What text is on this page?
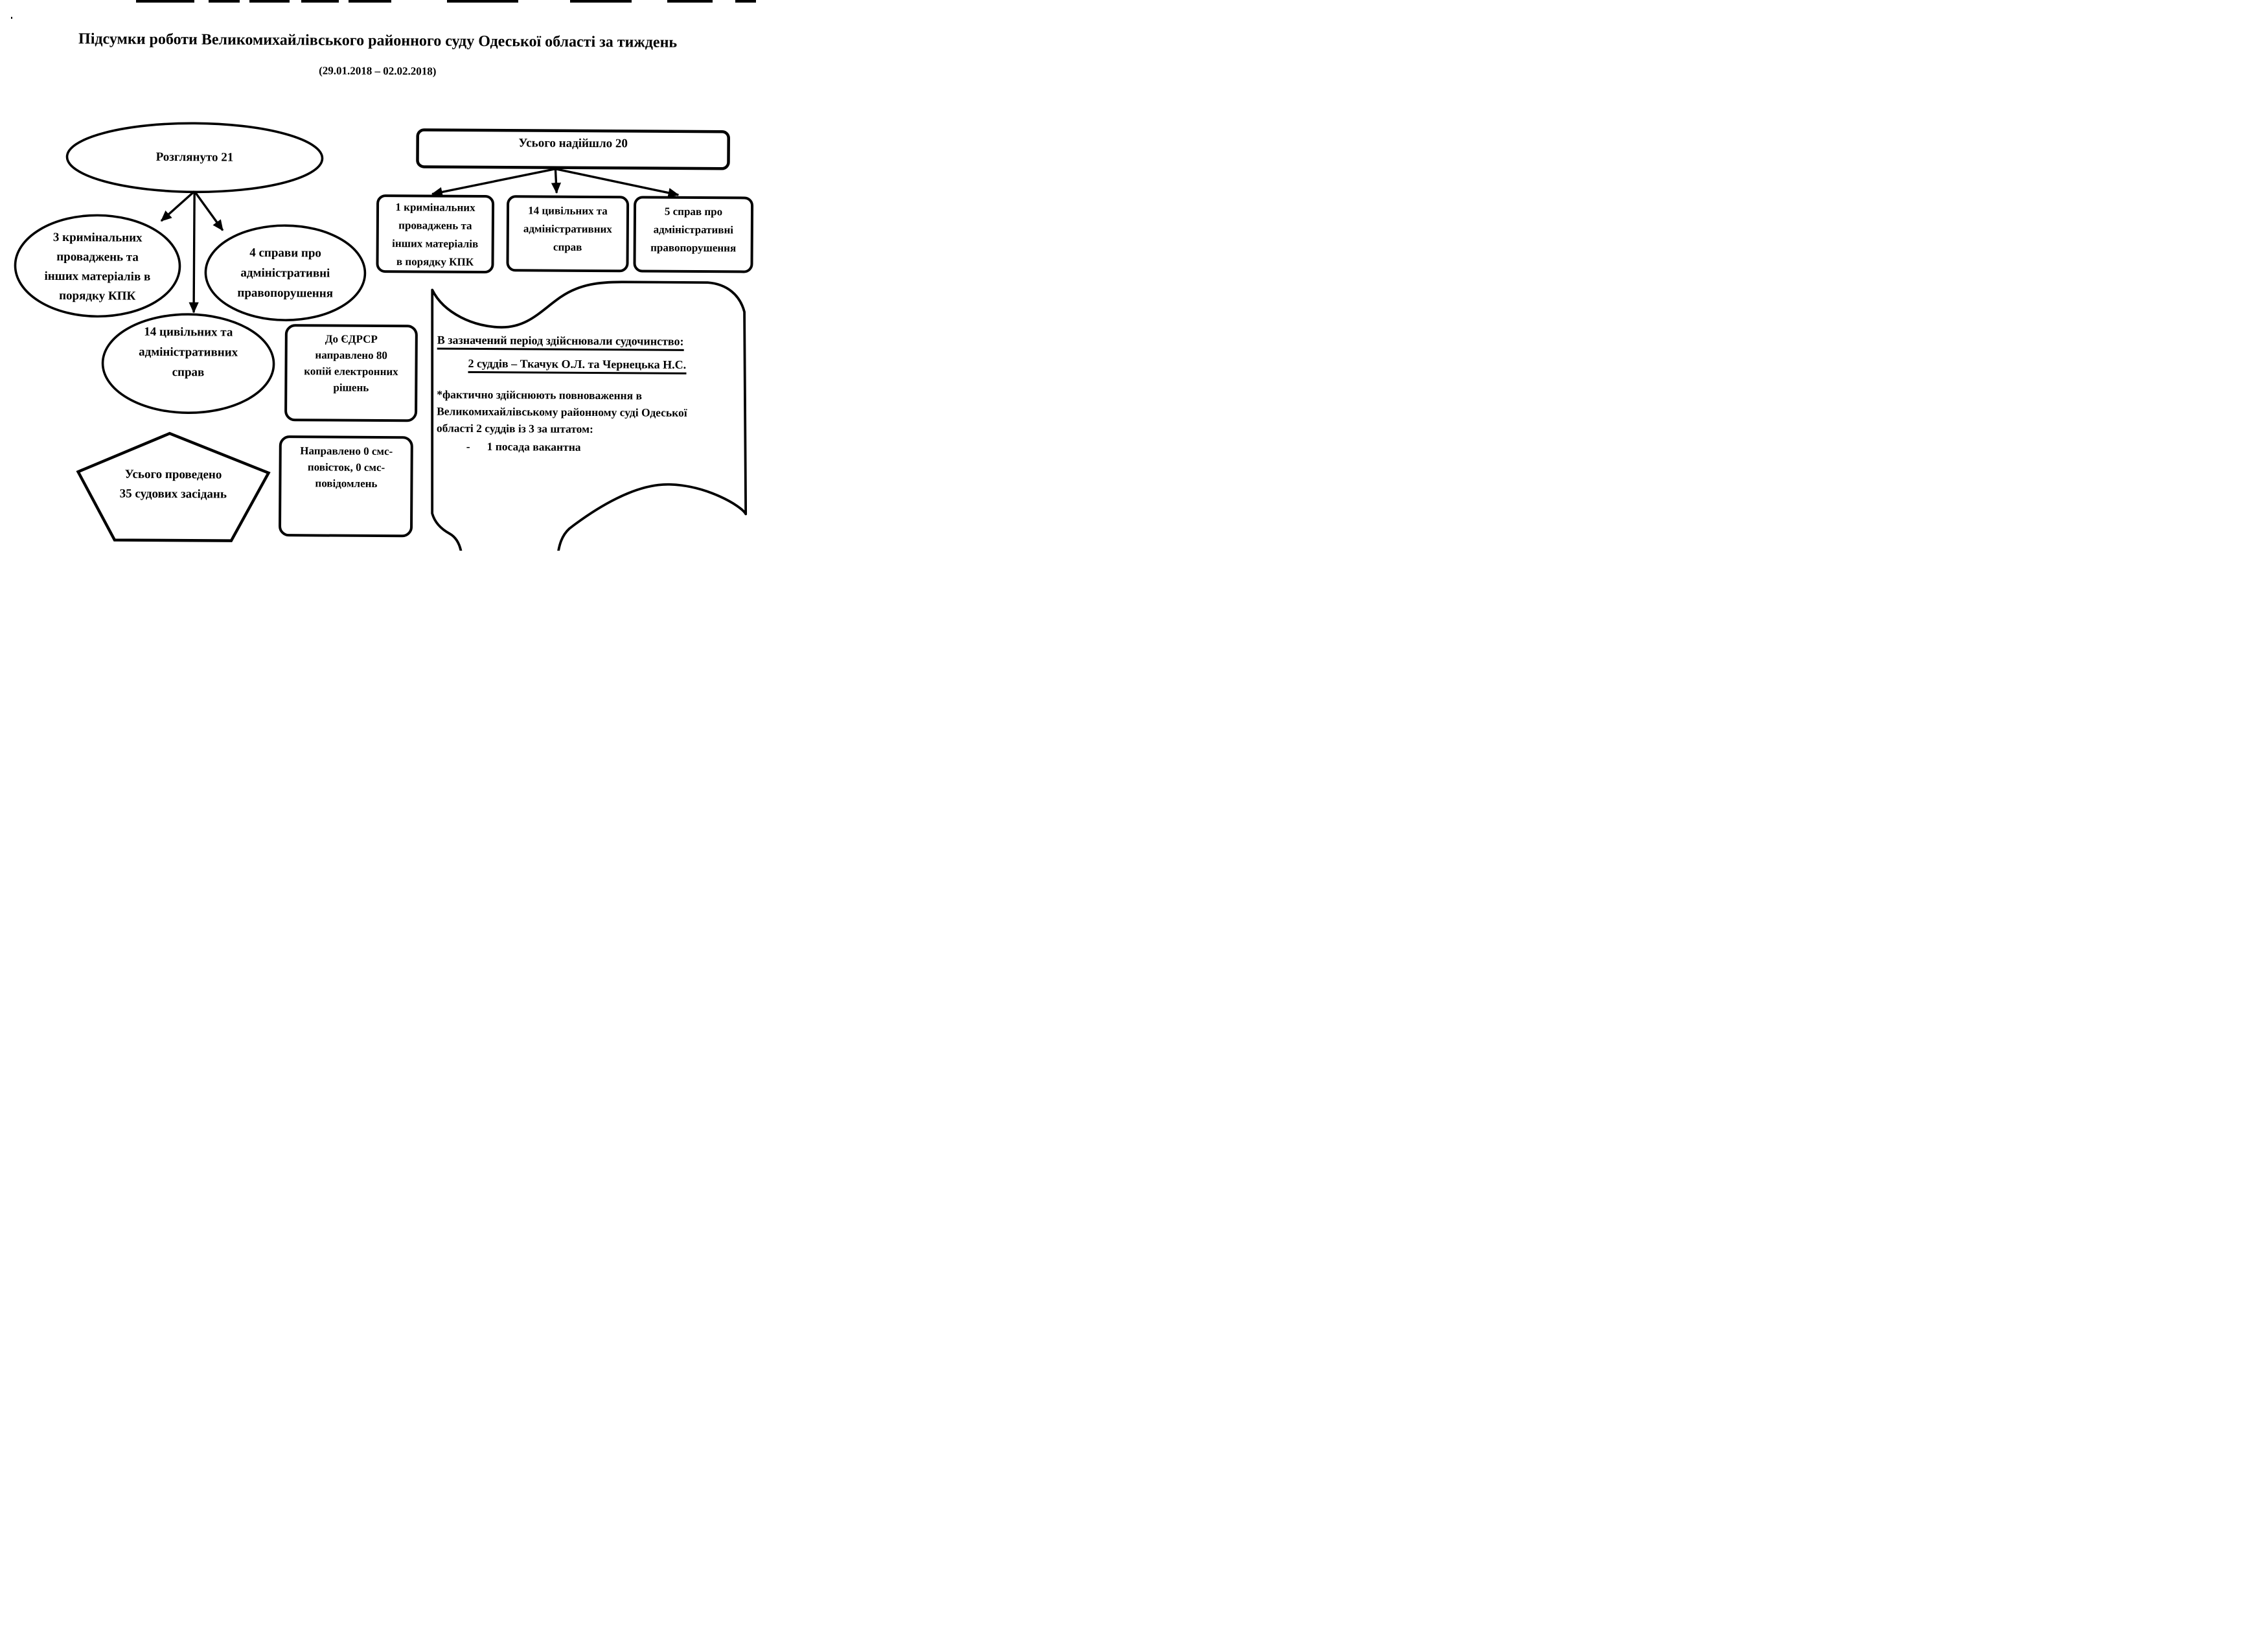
Підсумки роботи Великомихайлівського районного суду Одеської області за тиждень
(29.01.2018 – 02.02.2018)
Розглянуто 21
Усього надійшло 20
3 кримінальних
проваджень та
інших матеріалів в
порядку КПК
4 справи про
адміністративні
правопорушення
14 цивільних та
адміністративних
справ
1 кримінальних
проваджень та
інших матеріалів
в порядку КПК
14 цивільних та
адміністративних
справ
5 справ про
адміністративні
правопорушення
До ЄДРСР
направлено 80
копій електронних
рішень
Направлено 0 смс-
повісток, 0 смс-
повідомлень
Усього проведено
35 судових засідань
В зазначений період здійснювали судочинство:
2 суддів – Ткачук О.Л. та Чернецька Н.С.
*фактично здійснюють повноваження в
Великомихайлівському районному суді Одеської
області 2 суддів із 3 за штатом:
- 1 посада вакантна
